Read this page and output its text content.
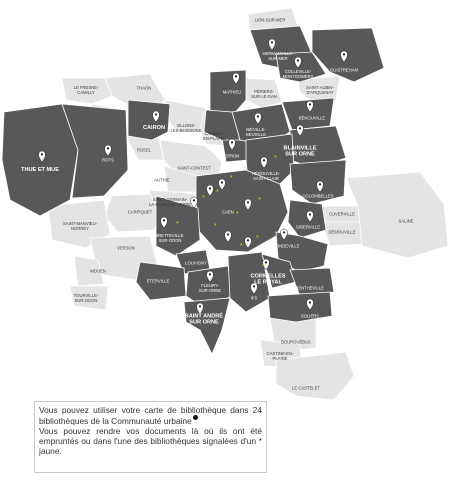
*
*
*
*	*
*
*
*
*
*
*
LION-SUR-MER
LE FRESNE-
CAMILLY
THAON
PÉRIERS-
SUR-LE-DAN
SAINT-AUBIN-
D'ARQUENAY
VILLONS-
LES-BUISSONS
CAMBES-
EN-PLAINE
ROSEL
SAINT-CONTEST
AUTHIE
SAINT-GERMAIN-
LA-BLANCHE-HERBE
CARPIQUET
SAINT-MANVIEU-
NORREY
VERSON
MOUEN
TOURVILLE-
SUR-ODON
CUVERVILLE
DÉMOUVILLE
SALINE
BOURGUÉBUS
CASTINE-EN-
PLAINE
LE CASTELET
HERMANVILLE-
SUR-MER
COLLEVILLE-
MONTGOMERY
OUISTREHAM
MATHIEU
CAIRON
THUE ET MUE
ROTS
EPRON
BIÉVILLE-
BEUVILLE
BÉNOUVILLE
BLAINVILLE
SUR ORNE
HÉROUVILLE-
SAINT-CLAIR
COLOMBELLES
CAEN
GIBERVILLE
MONDEVILLE
BRETTEVILLE-
SUR-ODON
LOUVIGNY
ETERVILLE
FLEURY-
SUR-ORNE
CORMELLES
LE ROYAL
IFS
GRENTHEVILLE
SOLIERS
SAINT ANDRÉ
SUR ORNE

Vous pouvez utiliser votre carte de bibliothèque dans 24 bibliothèques de la Communauté urbaine

Vous pouvez rendre vos documents là où ils ont été empruntés ou dans l'une des bibliothèques signalées d'un * jaune.
